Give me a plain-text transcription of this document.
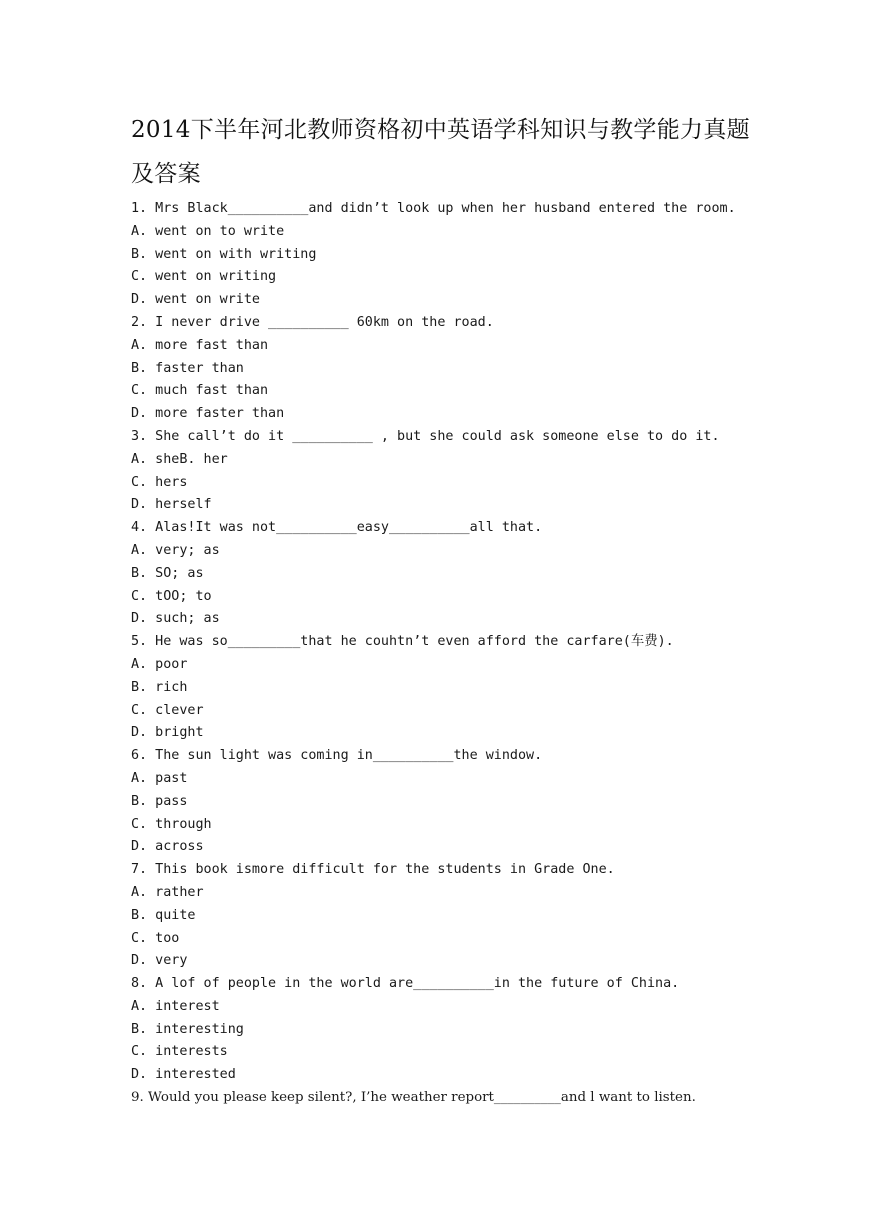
2014下半年河北教师资格初中英语学科知识与教学能力真题及答案
1. Mrs Black__________and didn’t look up when her husband entered the room.
A. went on to write
B. went on with writing
C. went on writing
D. went on write
2. I never drive __________ 60km on the road.
A. more fast than
B. faster than
C. much fast than
D. more faster than
3. She call’t do it __________ , but she could ask someone else to do it.
A. sheB. her
C. hers
D. herself
4. Alas!It was not__________easy__________all that.
A. very; as
B. SO; as
C. tOO; to
D. such; as
5. He was so_________that he couhtn’t even afford the carfare(车费).
A. poor
B. rich
C. clever
D. bright
6. The sun light was coming in__________the window.
A. past
B. pass
C. through
D. across
7. This book ismore difficult for the students in Grade One.
A. rather
B. quite
C. too
D. very
8. A lof of people in the world are__________in the future of China.
A. interest
B. interesting
C. interests
D. interested
9. Would you please keep silent?, I’he weather report__________and l want to listen.
